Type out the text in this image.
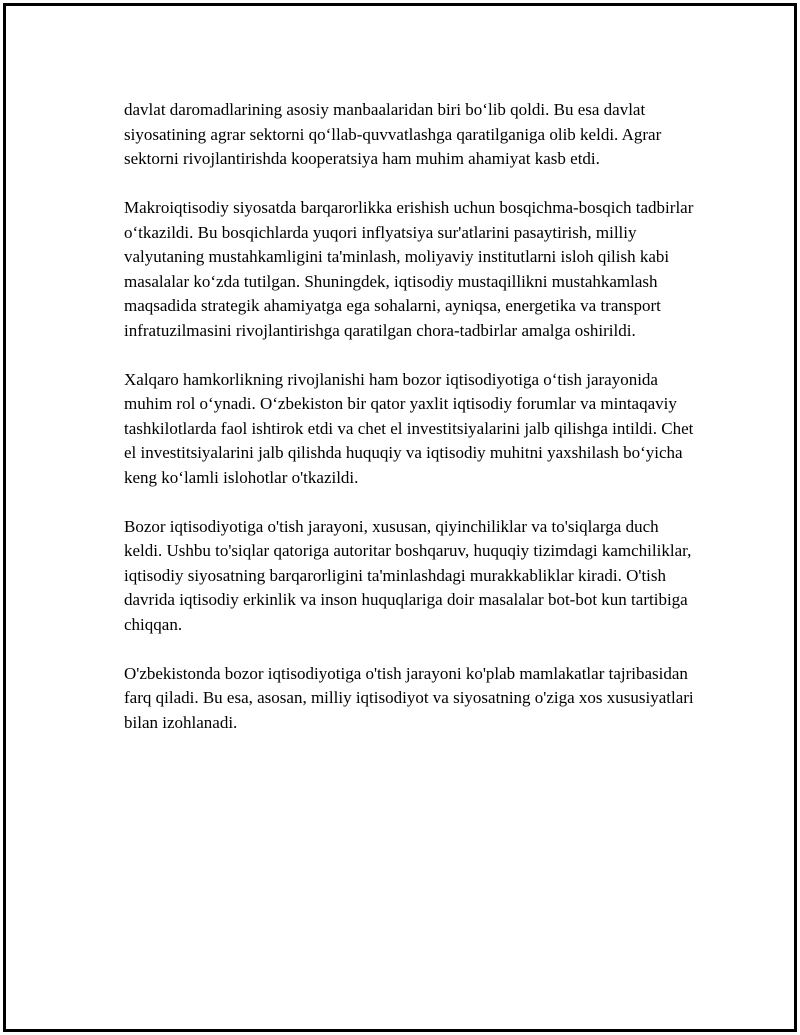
davlat daromadlarining asosiy manbaalaridan biri boʻlib qoldi. Bu esa davlat siyosatining agrar sektorni qoʻllab-quvvatlashga qaratilganiga olib keldi. Agrar sektorni rivojlantirishda kooperatsiya ham muhim ahamiyat kasb etdi.

Makroiqtisodiy siyosatda barqarorlikka erishish uchun bosqichma-bosqich tadbirlar oʻtkazildi. Bu bosqichlarda yuqori inflyatsiya sur'atlarini pasaytirish, milliy valyutaning mustahkamligini ta'minlash, moliyaviy institutlarni isloh qilish kabi masalalar koʻzda tutilgan. Shuningdek, iqtisodiy mustaqillikni mustahkamlash maqsadida strategik ahamiyatga ega sohalarni, ayniqsa, energetika va transport infratuzilmasini rivojlantirishga qaratilgan chora-tadbirlar amalga oshirildi.

Xalqaro hamkorlikning rivojlanishi ham bozor iqtisodiyotiga oʻtish jarayonida muhim rol oʻynadi. Oʻzbekiston bir qator yaxlit iqtisodiy forumlar va mintaqaviy tashkilotlarda faol ishtirok etdi va chet el investitsiyalarini jalb qilishga intildi. Chet el investitsiyalarini jalb qilishda huquqiy va iqtisodiy muhitni yaxshilash boʻyicha keng koʻlamli islohotlar o'tkazildi.

Bozor iqtisodiyotiga o'tish jarayoni, xususan, qiyinchiliklar va to'siqlarga duch keldi. Ushbu to'siqlar qatoriga autoritar boshqaruv, huquqiy tizimdagi kamchiliklar, iqtisodiy siyosatning barqarorligini ta'minlashdagi murakkabliklar kiradi. O'tish davrida iqtisodiy erkinlik va inson huquqlariga doir masalalar bot-bot kun tartibiga chiqqan.

O'zbekistonda bozor iqtisodiyotiga o'tish jarayoni ko'plab mamlakatlar tajribasidan farq qiladi. Bu esa, asosan, milliy iqtisodiyot va siyosatning o'ziga xos xususiyatlari bilan izohlanadi.
